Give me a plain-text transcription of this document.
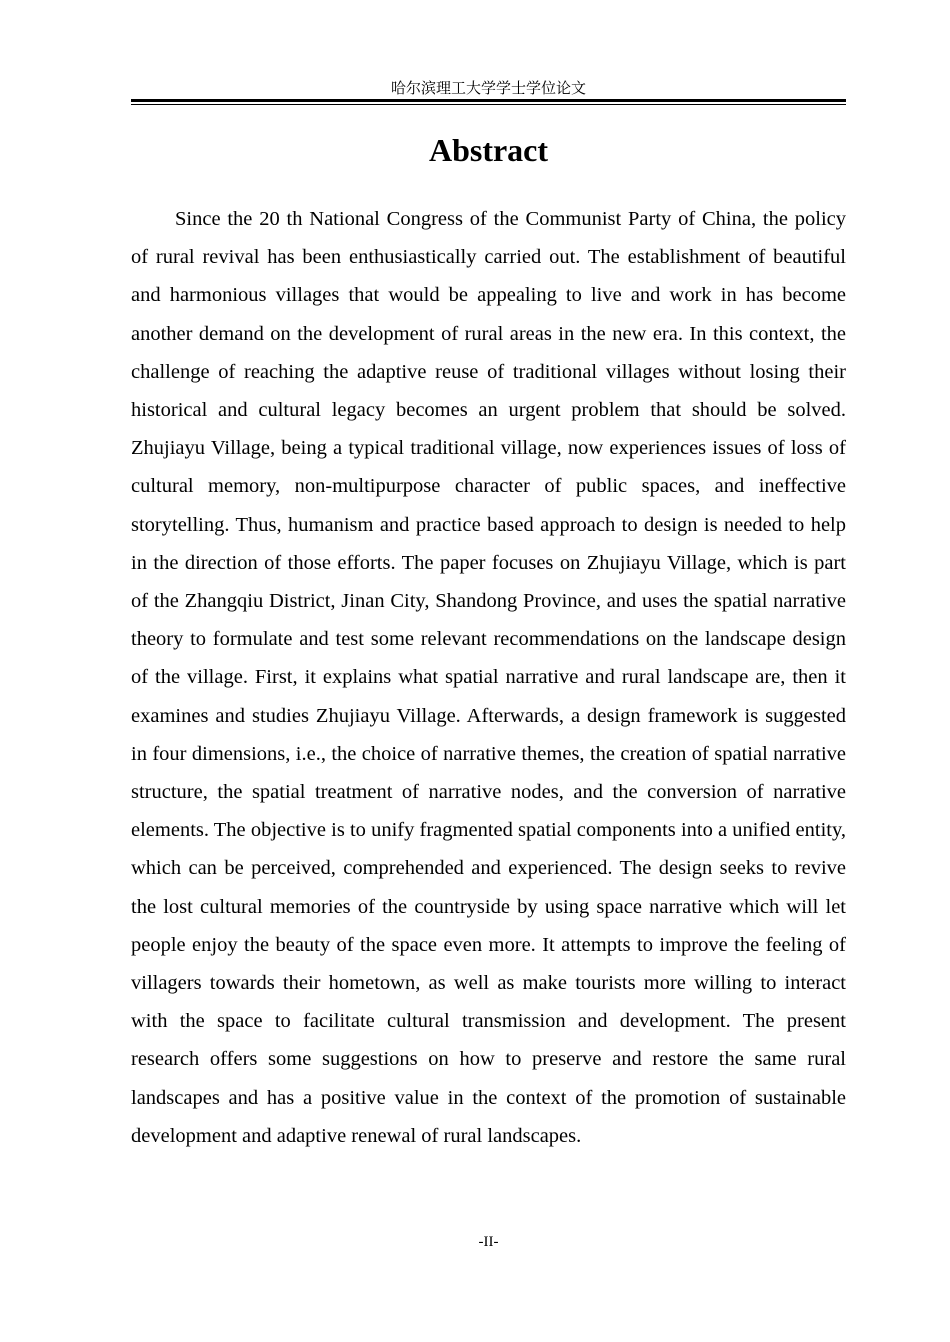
哈尔滨理工大学学士学位论文
Abstract

Since the 20 th National Congress of the Communist Party of China, the policy of rural revival has been enthusiastically carried out. The establishment of beautiful and harmonious villages that would be appealing to live and work in has become another demand on the development of rural areas in the new era. In this context, the challenge of reaching the adaptive reuse of traditional villages without losing their historical and cultural legacy becomes an urgent problem that should be solved. Zhujiayu Village, being a typical traditional village, now experiences issues of loss of cultural memory, non-multipurpose character of public spaces, and ineffective storytelling. Thus, humanism and practice based approach to design is needed to help in the direction of those efforts. The paper focuses on Zhujiayu Village, which is part of the Zhangqiu District, Jinan City, Shandong Province, and uses the spatial narrative theory to formulate and test some relevant recommendations on the landscape design of the village. First, it explains what spatial narrative and rural landscape are, then it examines and studies Zhujiayu Village. Afterwards, a design framework is suggested in four dimensions, i.e., the choice of narrative themes, the creation of spatial narrative structure, the spatial treatment of narrative nodes, and the conversion of narrative elements. The objective is to unify fragmented spatial components into a unified entity, which can be perceived, comprehended and experienced. The design seeks to revive the lost cultural memories of the countryside by using space narrative which will let people enjoy the beauty of the space even more. It attempts to improve the feeling of villagers towards their hometown, as well as make tourists more willing to interact with the space to facilitate cultural transmission and development. The present research offers some suggestions on how to preserve and restore the same rural landscapes and has a positive value in the context of the promotion of sustainable development and adaptive renewal of rural landscapes.

-II-
